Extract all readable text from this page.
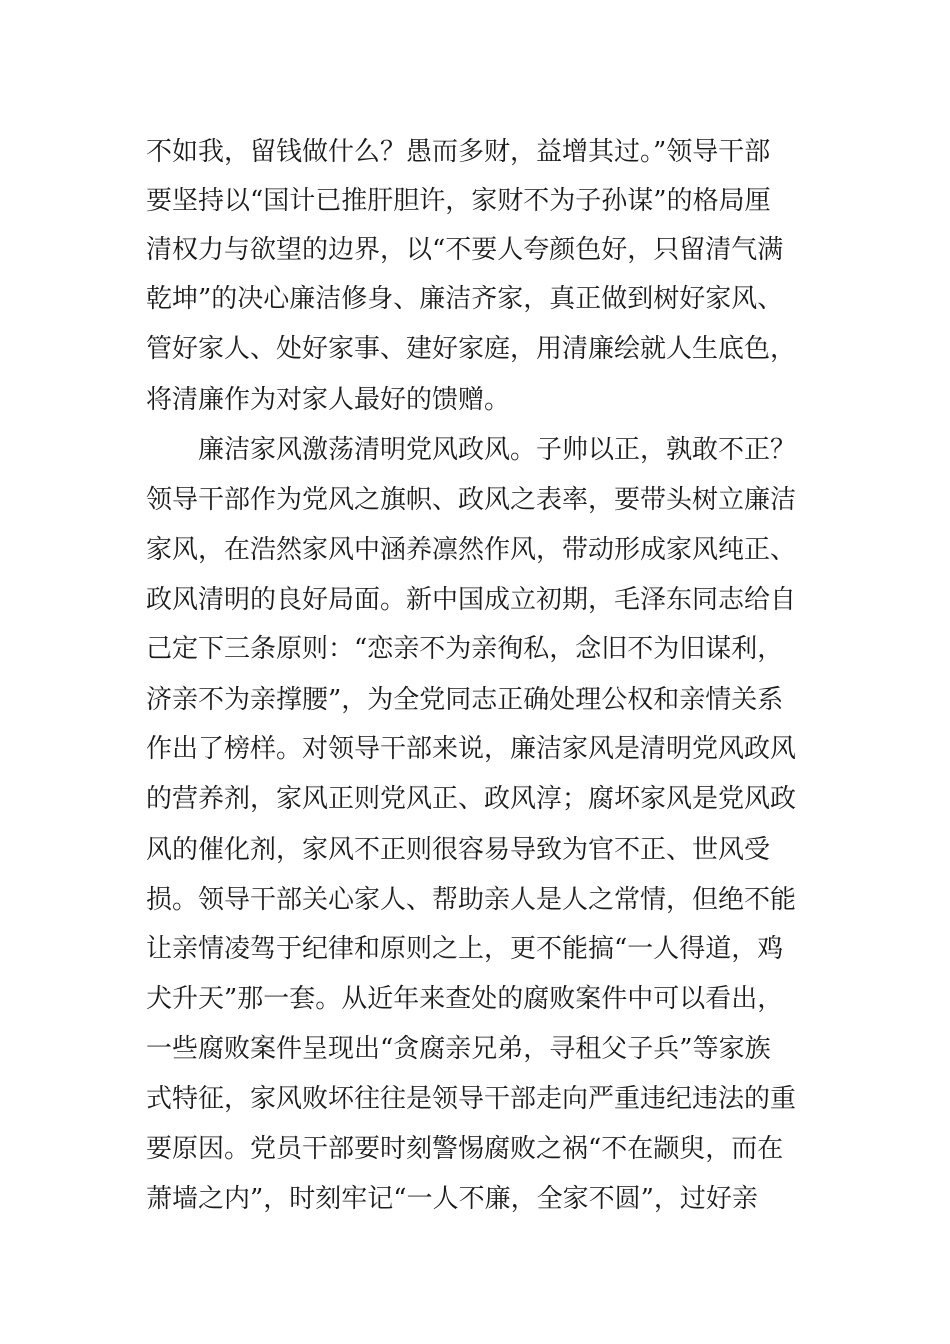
不如我，留钱做什么？愚而多财，益增其过。”领导干部
要坚持以“国计已推肝胆许，家财不为子孙谋”的格局厘
清权力与欲望的边界，以“不要人夸颜色好，只留清气满
乾坤”的决心廉洁修身、廉洁齐家，真正做到树好家风、
管好家人、处好家事、建好家庭，用清廉绘就人生底色，
将清廉作为对家人最好的馈赠。
廉洁家风激荡清明党风政风。子帅以正，孰敢不正？
领导干部作为党风之旗帜、政风之表率，要带头树立廉洁
家风，在浩然家风中涵养凛然作风，带动形成家风纯正、
政风清明的良好局面。新中国成立初期，毛泽东同志给自
己定下三条原则：“恋亲不为亲徇私，念旧不为旧谋利，
济亲不为亲撑腰”，为全党同志正确处理公权和亲情关系
作出了榜样。对领导干部来说，廉洁家风是清明党风政风
的营养剂，家风正则党风正、政风淳；腐坏家风是党风政
风的催化剂，家风不正则很容易导致为官不正、世风受
损。领导干部关心家人、帮助亲人是人之常情，但绝不能
让亲情凌驾于纪律和原则之上，更不能搞“一人得道，鸡
犬升天”那一套。从近年来查处的腐败案件中可以看出，
一些腐败案件呈现出“贪腐亲兄弟，寻租父子兵”等家族
式特征，家风败坏往往是领导干部走向严重违纪违法的重
要原因。党员干部要时刻警惕腐败之祸“不在颛臾，而在
萧墙之内”，时刻牢记“一人不廉，全家不圆”，过好亲
